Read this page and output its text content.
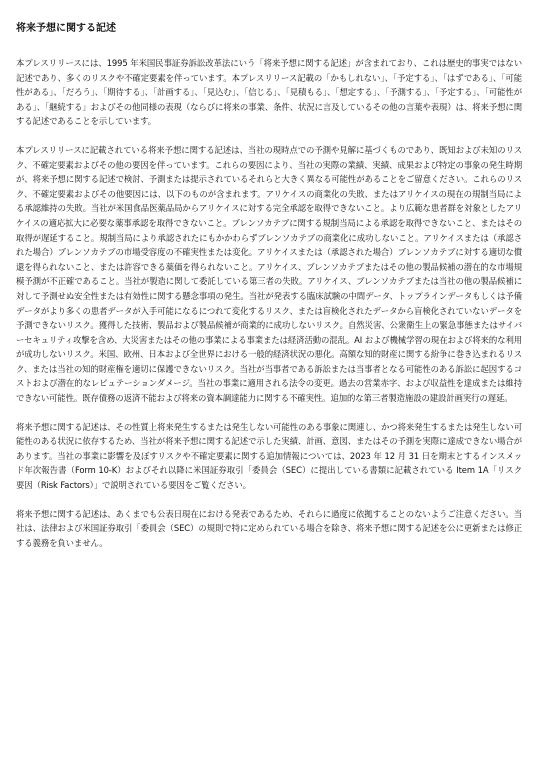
将来予想に関する記述

本プレスリリースには、1995 年米国民事証券訴訟改革法にいう「将来予想に関する記述」が含まれており、これは歴史的事実ではない記述であり、多くのリスクや不確定要素を伴っています。本プレスリリース記載の「かもしれない」、「予定する」、「はずである」、「可能性がある」、「だろう」、「期待する」、「計画する」、「見込む」、「信じる」、「見積もる」、「想定する」、「予測する」、「予定する」、「可能性がある」、「継続する」およびその他同様の表現（ならびに将来の事業、条件、状況に言及しているその他の言葉や表現）は、将来予想に関する記述であることを示しています。

本プレスリリースに記載されている将来予想に関する記述は、当社の現時点での予測や見解に基づくものであり、既知および未知のリスク、不確定要素およびその他の要因を伴っています。これらの要因により、当社の実際の業績、実績、成果および特定の事象の発生時期が、将来予想に関する記述で検討、予測または提示されているそれらと大きく異なる可能性があることをご留意ください。これらのリスク、不確定要素およびその他要因には、以下のものが含まれます。アリケイスの商業化の失敗、またはアリケイスの現在の規制当局による承認維持の失敗。当社が米国食品医薬品局からアリケイスに対する完全承認を取得できないこと。より広範な患者群を対象としたアリケイスの適応拡大に必要な薬事承認を取得できないこと。ブレンソカテブに関する規制当局による承認を取得できないこと、またはその取得が遅延すること。規制当局により承認されたにもかかわらずブレンソカテブの商業化に成功しないこと。アリケイスまたは（承認された場合）ブレンソカテブの市場受容度の不確実性または変化。アリケイスまたは（承認された場合）ブレンソカテブに対する適切な償還を得られないこと、または許容できる薬価を得られないこと。アリケイス、ブレンソカテブまたはその他の製品候補の潜在的な市場規模予測が不正確であること。当社が製造に関して委託している第三者の失敗。アリケイス、ブレンソカテブまたは当社の他の製品候補に対して予測せぬ安全性または有効性に関する懸念事項の発生。当社が発表する臨床試験の中間データ、トップラインデータもしくは予備データがより多くの患者データが入手可能になるにつれて変化するリスク、または盲検化されたデータから盲検化されていないデータを予測できないリスク。獲得した技術、製品および製品候補が商業的に成功しないリスク。自然災害、公衆衛生上の緊急事態またはサイバーセキュリティ攻撃を含め、大災害またはその他の事業による事業または経済活動の混乱。AI および機械学習の現在および将来的な利用が成功しないリスク。米国、欧州、日本および全世界における一般的経済状況の悪化。高額な知的財産に関する紛争に巻き込まれるリスク、または当社の知的財産権を適切に保護できないリスク。当社が当事者である訴訟または当事者となる可能性のある訴訟に起因するコストおよび潜在的なレピュテーションダメージ。当社の事業に適用される法令の変更。過去の営業赤字、および収益性を達成または維持できない可能性。既存債務の返済不能および将来の資本調達能力に関する不確実性。追加的な第三者製造施設の建設計画実行の遅延。

将来予想に関する記述は、その性質上将来発生するまたは発生しない可能性のある事象に関連し、かつ将来発生するまたは発生しない可能性のある状況に依存するため、当社が将来予想に関する記述で示した実績、計画、意図、またはその予測を実際に達成できない場合があります。当社の事業に影響を及ぼすリスクや不確定要素に関する追加情報については、2023 年 12 月 31 日を期末とするインスメッド年次報告書（Form 10-K）およびそれ以降に米国証券取引「委員会（SEC）に提出している書類に記載されている Item 1A「リスク要因（Risk Factors）」で説明されている要因をご覧ください。

将来予想に関する記述は、あくまでも公表日現在における発表であるため、それらに過度に依拠することのないようご注意ください。当社は、法律および米国証券取引「委員会（SEC）の規則で特に定められている場合を除き、将来予想に関する記述を公に更新または修正する義務を負いません。
